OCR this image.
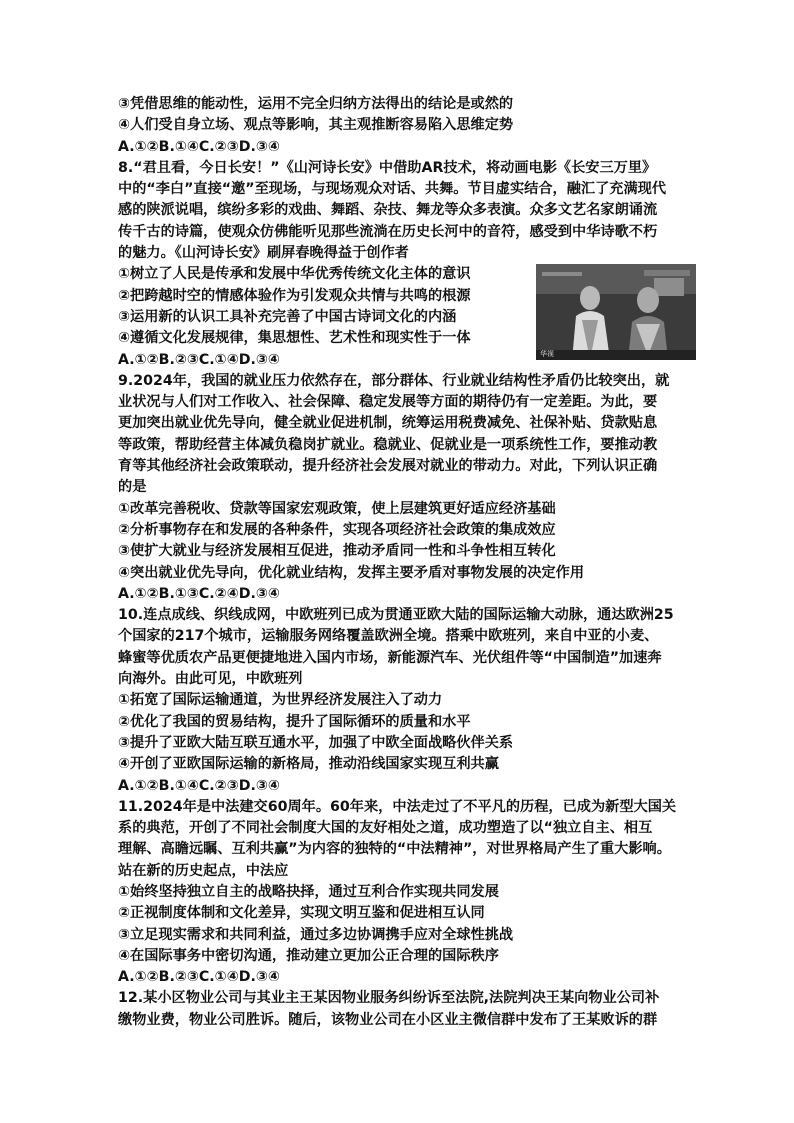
③凭借思维的能动性，运用不完全归纳方法得出的结论是或然的
④人们受自身立场、观点等影响，其主观推断容易陷入思维定势
A.①②B.①④C.②③D.③④
8.“君且看，今日长安！”《山河诗长安》中借助AR技术，将动画电影《长安三万里》
中的“李白”直接“邀”至现场，与现场观众对话、共舞。节目虚实结合，融汇了充满现代
感的陕派说唱，缤纷多彩的戏曲、舞蹈、杂技、舞龙等众多表演。众多文艺名家朗诵流
传千古的诗篇，使观众仿佛能听见那些流淌在历史长河中的音符，感受到中华诗歌不朽
的魅力。《山河诗长安》刷屏春晚得益于创作者
①树立了人民是传承和发展中华优秀传统文化主体的意识
②把跨越时空的情感体验作为引发观众共情与共鸣的根源
③运用新的认识工具补充完善了中国古诗词文化的内涵
④遵循文化发展规律，集思想性、艺术性和现实性于一体
华视
A.①②B.②③C.①④D.③④
9.2024年，我国的就业压力依然存在，部分群体、行业就业结构性矛盾仍比较突出，就
业状况与人们对工作收入、社会保障、稳定发展等方面的期待仍有一定差距。为此，要
更加突出就业优先导向，健全就业促进机制，统筹运用税费减免、社保补贴、贷款贴息
等政策，帮助经营主体减负稳岗扩就业。稳就业、促就业是一项系统性工作，要推动教
育等其他经济社会政策联动，提升经济社会发展对就业的带动力。对此，下列认识正确
的是
①改革完善税收、贷款等国家宏观政策，使上层建筑更好适应经济基础
②分析事物存在和发展的各种条件，实现各项经济社会政策的集成效应
③使扩大就业与经济发展相互促进，推动矛盾同一性和斗争性相互转化
④突出就业优先导向，优化就业结构，发挥主要矛盾对事物发展的决定作用
A.①②B.①③C.②④D.③④
10.连点成线、织线成网，中欧班列已成为贯通亚欧大陆的国际运输大动脉，通达欧洲25
个国家的217个城市，运输服务网络覆盖欧洲全境。搭乘中欧班列，来自中亚的小麦、
蜂蜜等优质农产品更便捷地进入国内市场，新能源汽车、光伏组件等“中国制造”加速奔
向海外。由此可见，中欧班列
①拓宽了国际运输通道，为世界经济发展注入了动力
②优化了我国的贸易结构，提升了国际循环的质量和水平
③提升了亚欧大陆互联互通水平，加强了中欧全面战略伙伴关系
④开创了亚欧国际运输的新格局，推动沿线国家实现互利共赢
A.①②B.①④C.②③D.③④
11.2024年是中法建交60周年。60年来，中法走过了不平凡的历程，已成为新型大国关
系的典范，开创了不同社会制度大国的友好相处之道，成功塑造了以“独立自主、相互
理解、高瞻远瞩、互利共赢”为内容的独特的“中法精神”，对世界格局产生了重大影响。
站在新的历史起点，中法应
①始终坚持独立自主的战略抉择，通过互利合作实现共同发展
②正视制度体制和文化差异，实现文明互鉴和促进相互认同
③立足现实需求和共同利益，通过多边协调携手应对全球性挑战
④在国际事务中密切沟通，推动建立更加公正合理的国际秩序
A.①②B.②③C.①④D.③④
12.某小区物业公司与其业主王某因物业服务纠纷诉至法院,法院判决王某向物业公司补
缴物业费，物业公司胜诉。随后，该物业公司在小区业主微信群中发布了王某败诉的群
